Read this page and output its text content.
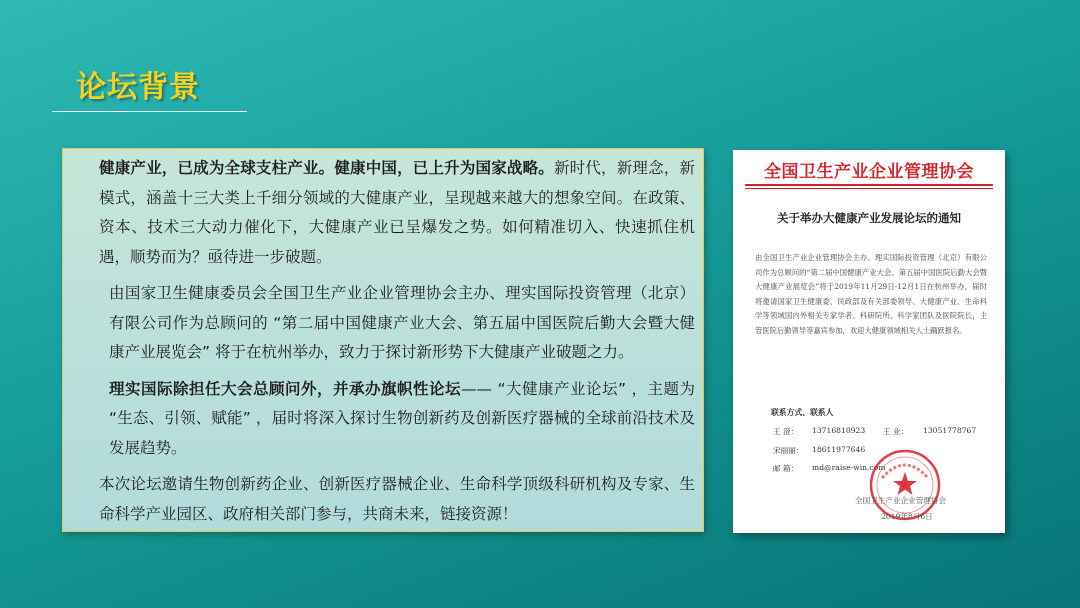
论坛背景

健康产业，已成为全球支柱产业。健康中国，已上升为国家战略。新时代，新理念，新模式，涵盖十三大类上千细分领域的大健康产业，呈现越来越大的想象空间。在政策、资本、技术三大动力催化下，大健康产业已呈爆发之势。如何精准切入、快速抓住机遇，顺势而为？亟待进一步破题。

由国家卫生健康委员会全国卫生产业企业管理协会主办、理实国际投资管理（北京）有限公司作为总顾问的 “第二届中国健康产业大会、第五届中国医院后勤大会暨大健康产业展览会” 将于在杭州举办，致力于探讨新形势下大健康产业破题之力。

理实国际除担任大会总顾问外，并承办旗帜性论坛—— “大健康产业论坛” ，主题为 “生态、引领、赋能” ，届时将深入探讨生物创新药及创新医疗器械的全球前沿技术及发展趋势。

本次论坛邀请生物创新药企业、创新医疗器械企业、生命科学顶级科研机构及专家、生命科学产业园区、政府相关部门参与，共商未来，链接资源！

全国卫生产业企业管理协会
关于举办大健康产业发展论坛的通知
由全国卫生产业企业管理协会主办、理实国际投资管理（北京）有限公司作为总顾问的“第二届中国健康产业大会、第五届中国医院后勤大会暨大健康产业展览会”将于2019年11月29日-12月1日在杭州举办，届时将邀请国家卫生健康委、民政部及有关部委领导、大健康产业、生命科学等领域国内外相关专家学者、科研院所、科学家团队及医院院长，主管医院后勤领导等嘉宾参加，欢迎大健康领域相关人士踊跃报名。
联系方式、联系人
王 澄： 13716810923 王 业： 13051778767
宋丽丽： 18611977646
邮 箱： md@raise-win.com
全国卫生产业企业管理协会
2019年8月6日
